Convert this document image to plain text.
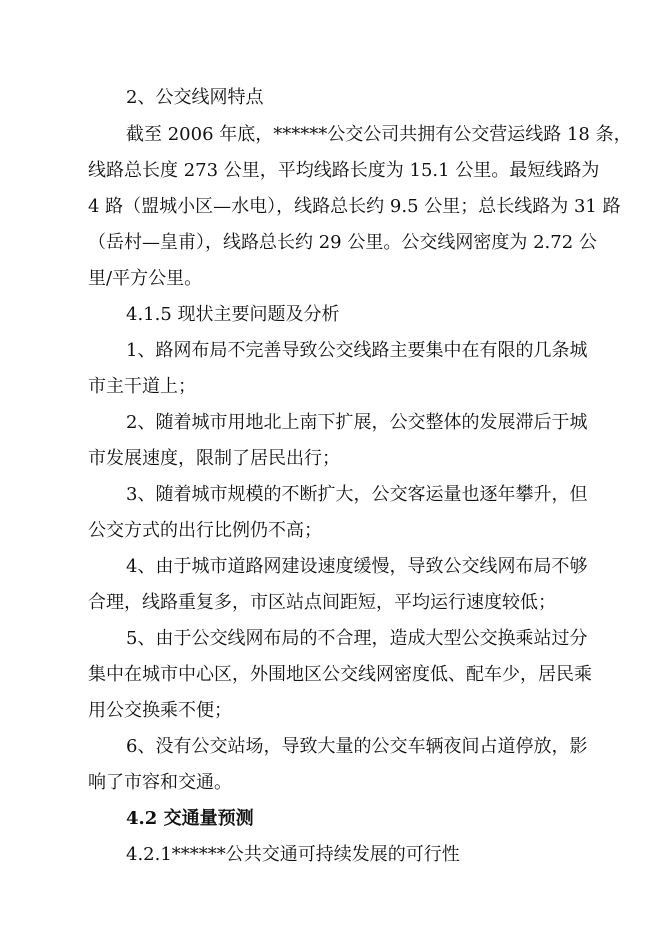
2、公交线网特点
截至 2006 年底，******公交公司共拥有公交营运线路 18 条，
线路总长度 273 公里，平均线路长度为 15.1 公里。最短线路为
4 路（盟城小区—水电），线路总长约 9.5 公里；总长线路为 31 路
（岳村—皇甫），线路总长约 29 公里。公交线网密度为 2.72 公
里/平方公里。
4.1.5 现状主要问题及分析
1、路网布局不完善导致公交线路主要集中在有限的几条城
市主干道上；
2、随着城市用地北上南下扩展，公交整体的发展滞后于城
市发展速度，限制了居民出行；
3、随着城市规模的不断扩大，公交客运量也逐年攀升，但
公交方式的出行比例仍不高；
4、由于城市道路网建设速度缓慢，导致公交线网布局不够
合理，线路重复多，市区站点间距短，平均运行速度较低；
5、由于公交线网布局的不合理，造成大型公交换乘站过分
集中在城市中心区，外围地区公交线网密度低、配车少，居民乘
用公交换乘不便；
6、没有公交站场，导致大量的公交车辆夜间占道停放，影
响了市容和交通。
4.2 交通量预测
4.2.1******公共交通可持续发展的可行性
